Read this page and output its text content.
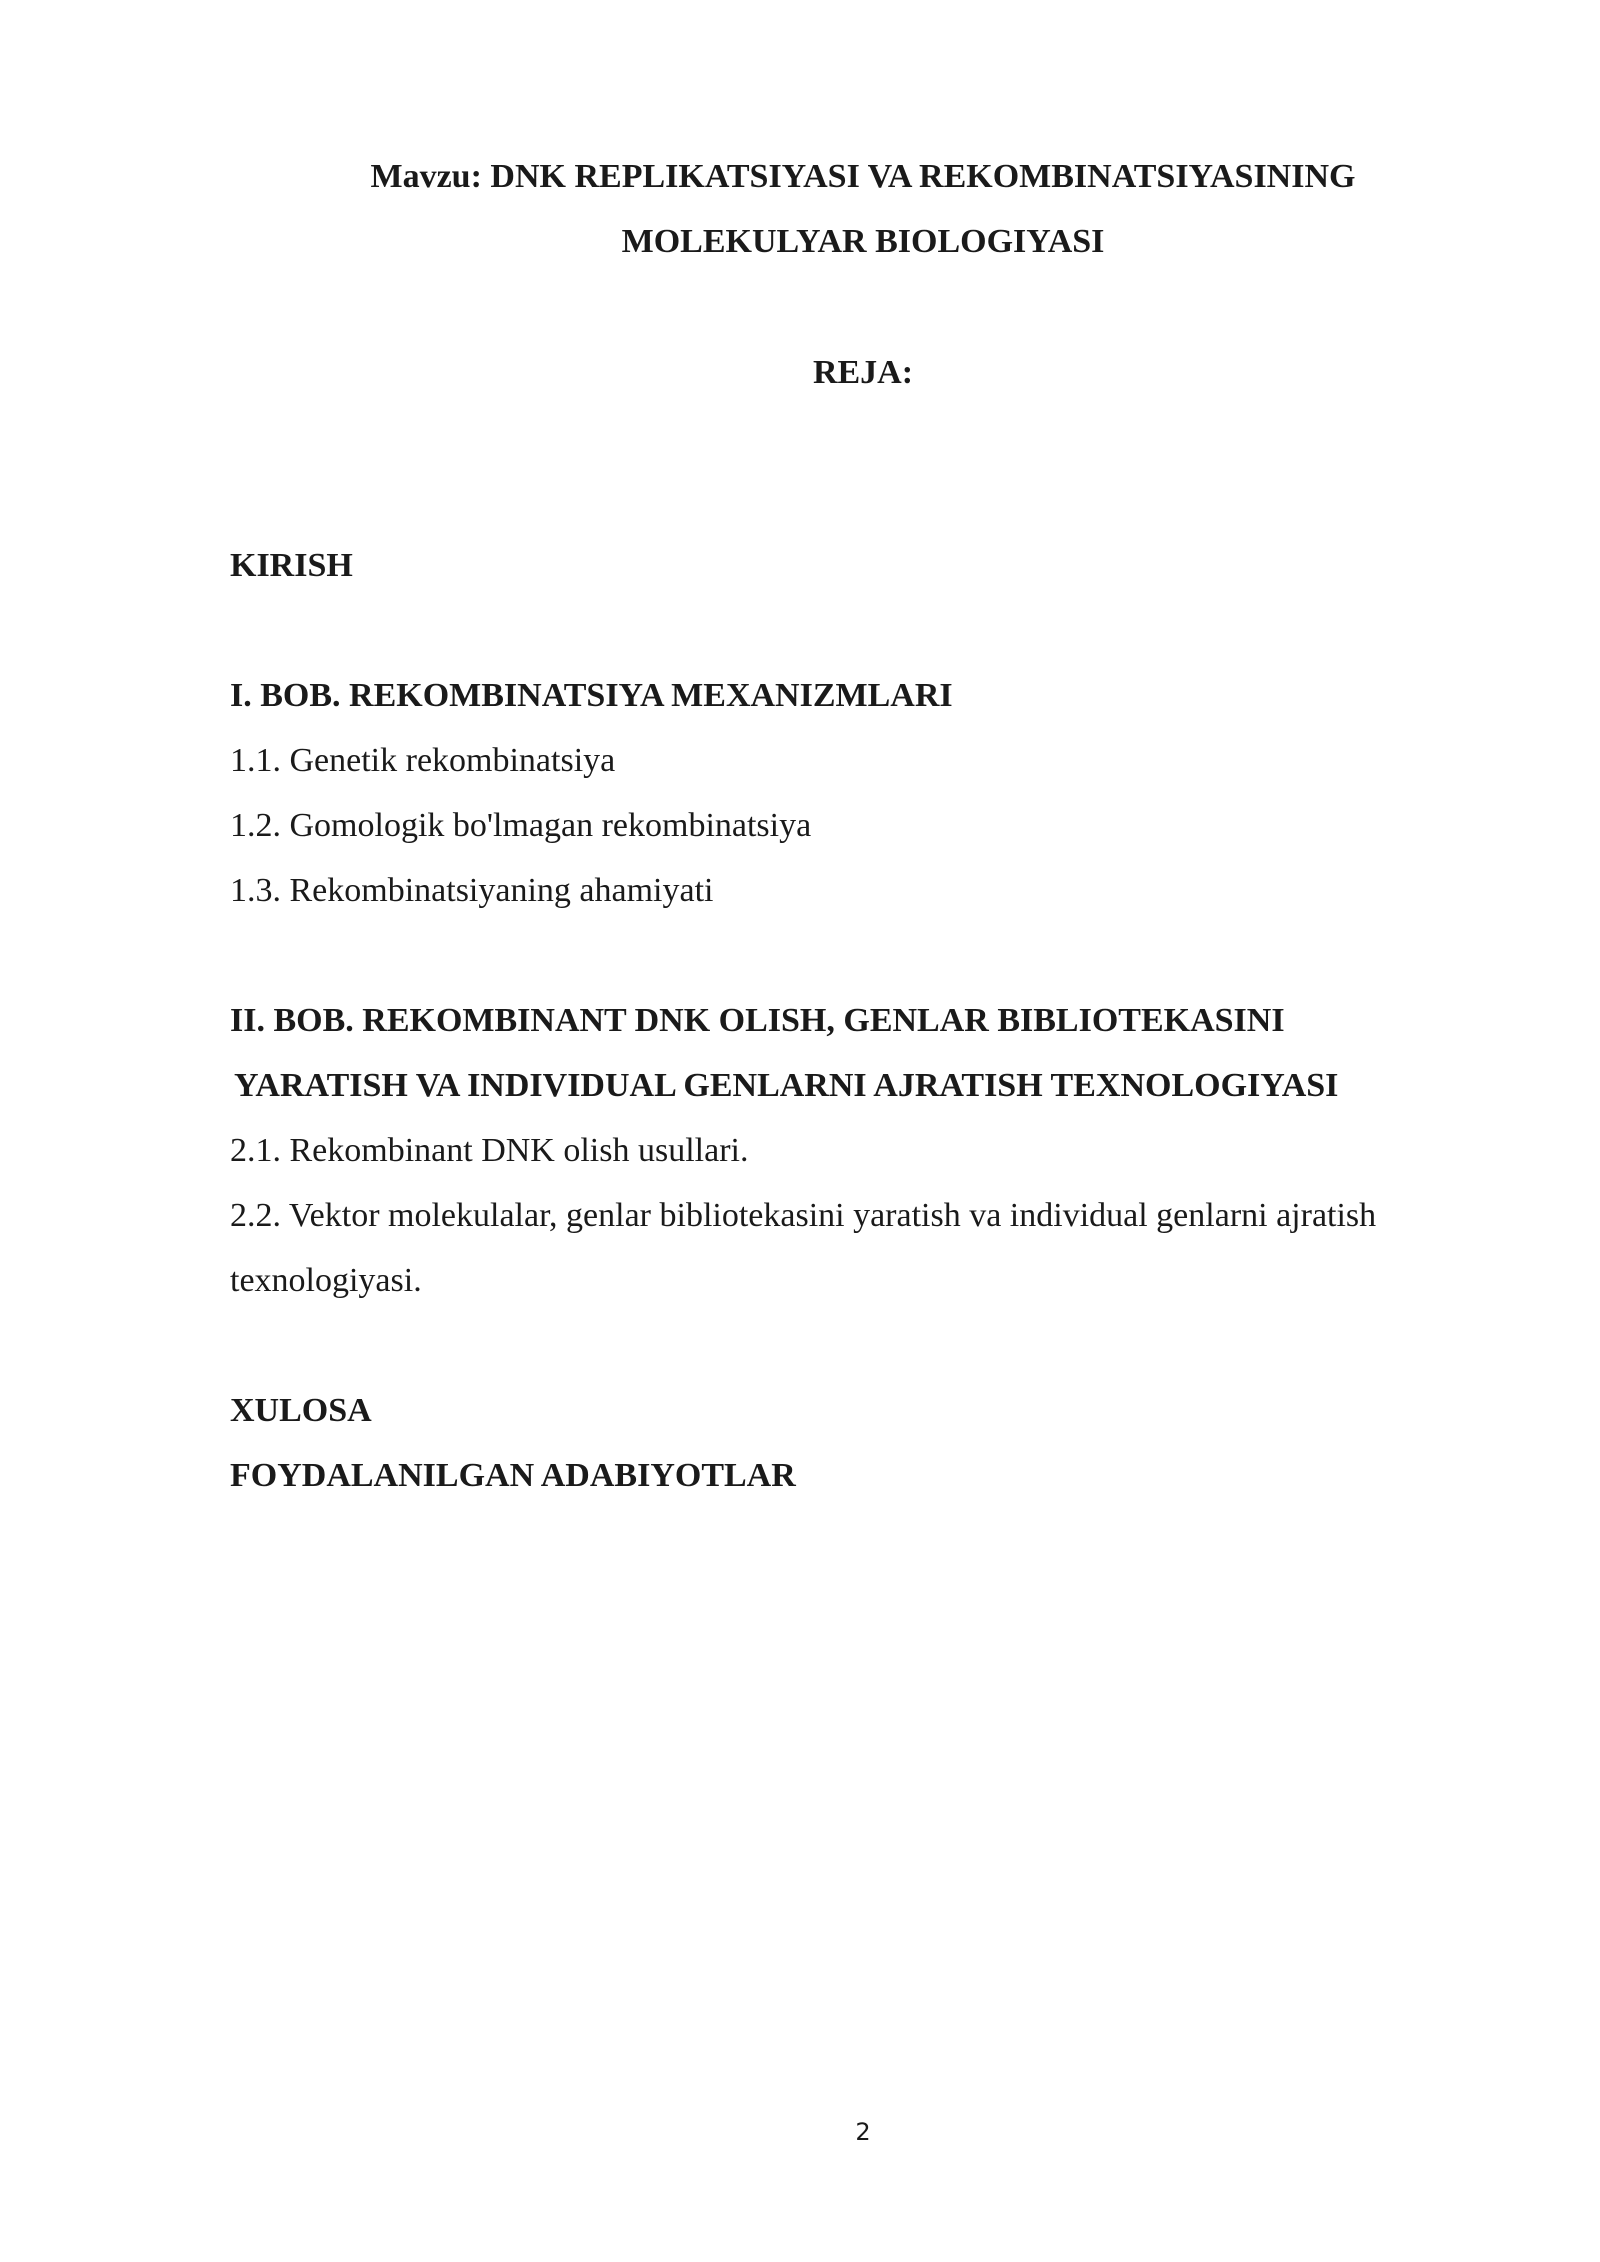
Mavzu: DNK REPLIKATSIYASI VA REKOMBINATSIYASINING

MOLEKULYAR BIOLOGIYASI

REJA:

KIRISH

I. BOB. REKOMBINATSIYA MEXANIZMLARI

1.1. Genetik rekombinatsiya

1.2. Gomologik bo'lmagan rekombinatsiya

1.3. Rekombinatsiyaning ahamiyati

II. BOB. REKOMBINANT DNK OLISH, GENLAR BIBLIOTEKASINI

YARATISH VA INDIVIDUAL GENLARNI AJRATISH TEXNOLOGIYASI

2.1. Rekombinant DNK olish usullari.

2.2. Vektor molekulalar, genlar bibliotekasini yaratish va individual genlarni ajratish

texnologiyasi.

XULOSA

FOYDALANILGAN ADABIYOTLAR

2
